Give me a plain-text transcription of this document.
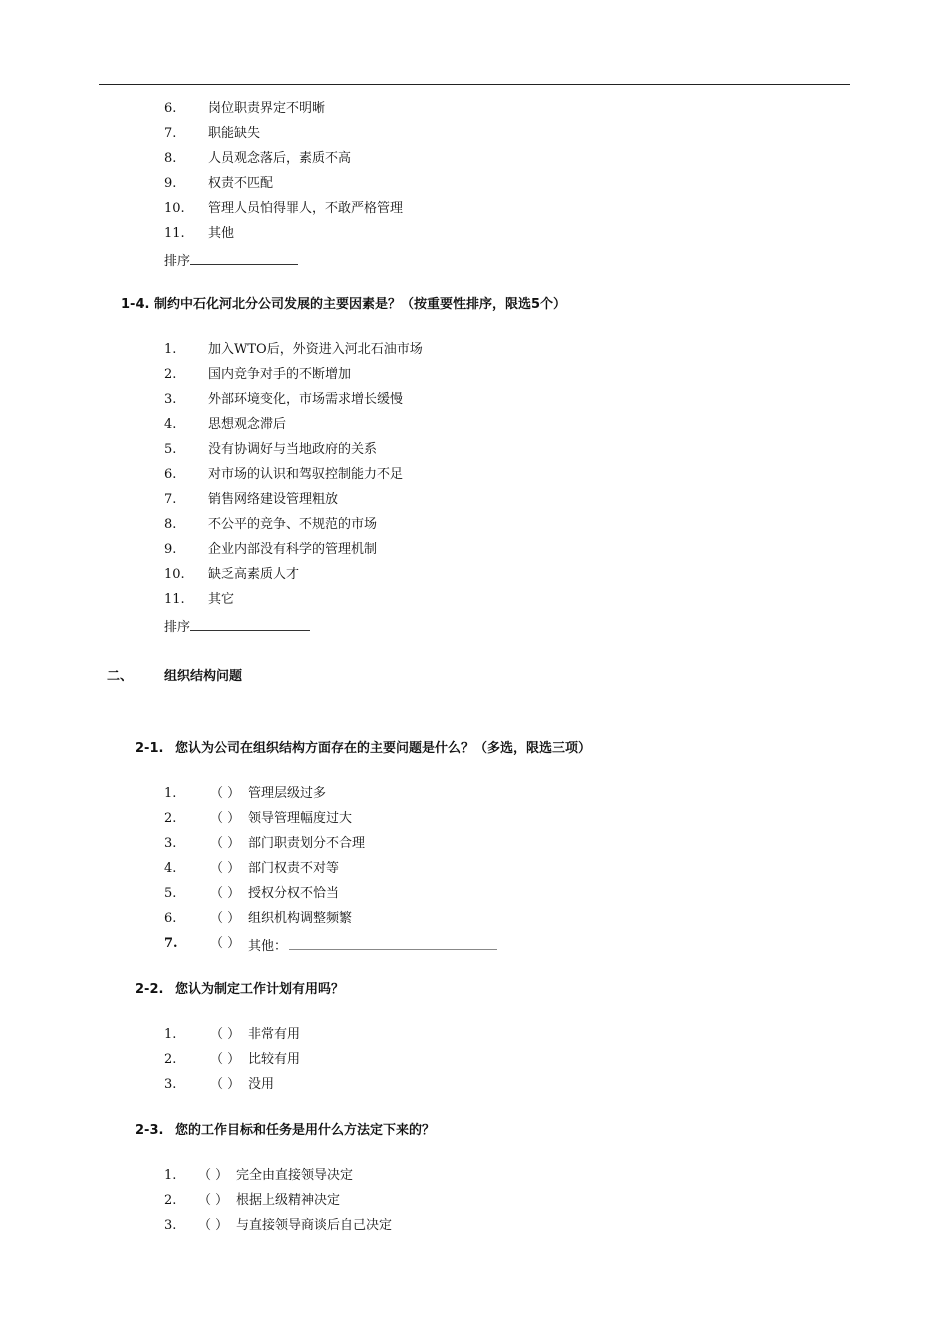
6. 岗位职责界定不明晰
7. 职能缺失
8. 人员观念落后，素质不高
9. 权责不匹配
10. 管理人员怕得罪人，不敢严格管理
11. 其他
排序
1-4. 制约中石化河北分公司发展的主要因素是？（按重要性排序，限选5个）
1. 加入WTO后，外资进入河北石油市场
2. 国内竞争对手的不断增加
3. 外部环境变化，市场需求增长缓慢
4. 思想观念滞后
5. 没有协调好与当地政府的关系
6. 对市场的认识和驾驭控制能力不足
7. 销售网络建设管理粗放
8. 不公平的竞争、不规范的市场
9. 企业内部没有科学的管理机制
10. 缺乏高素质人才
11. 其它
排序
二、 组织结构问题
2-1. 您认为公司在组织结构方面存在的主要问题是什么？（多选，限选三项）
1.	（ ） 管理层级过多
2.	（ ） 领导管理幅度过大
3.	（ ） 部门职责划分不合理
4.	（ ） 部门权责不对等
5.	（ ） 授权分权不恰当
6.	（ ） 组织机构调整频繁
7. （ ） 其他：
2-2. 您认为制定工作计划有用吗？
1.	（ ） 非常有用
2.	（ ） 比较有用
3.	（ ） 没用
2-3. 您的工作目标和任务是用什么方法定下来的？
1. （ ） 完全由直接领导决定
2. （ ） 根据上级精神决定
3. （ ） 与直接领导商谈后自己决定
